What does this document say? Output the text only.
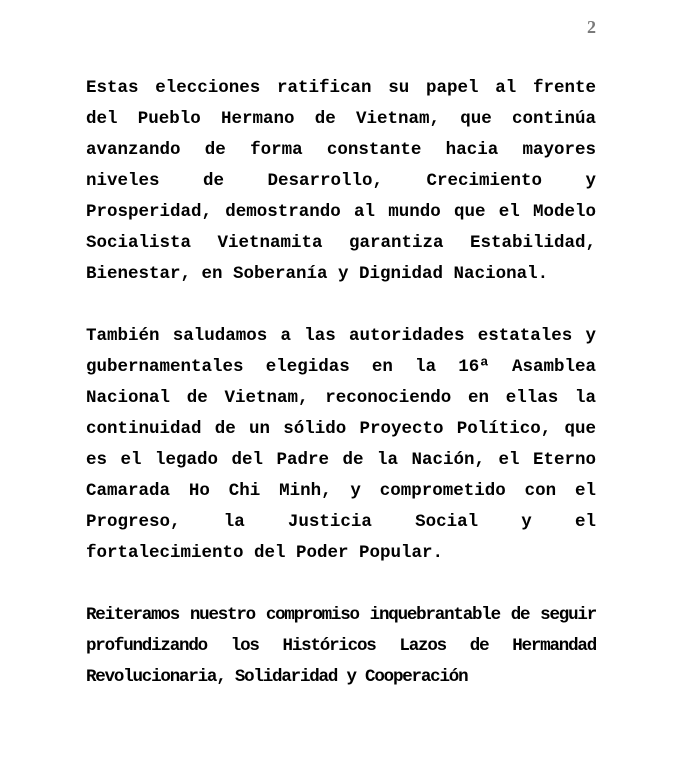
2

Estas elecciones ratifican su papel al frente del Pueblo Hermano de Vietnam, que continúa avanzando de forma constante hacia mayores niveles de Desarrollo, Crecimiento y Prosperidad, demostrando al mundo que el Modelo Socialista Vietnamita garantiza Estabilidad, Bienestar, en Soberanía y Dignidad Nacional.

También saludamos a las autoridades estatales y gubernamentales elegidas en la 16ª Asamblea Nacional de Vietnam, reconociendo en ellas la continuidad de un sólido Proyecto Político, que es el legado del Padre de la Nación, el Eterno Camarada Ho Chi Minh, y comprometido con el Progreso, la Justicia Social y el fortalecimiento del Poder Popular.

Reiteramos nuestro compromiso inquebrantable de seguir profundizando los Históricos Lazos de Hermandad Revolucionaria, Solidaridad y Cooperación
